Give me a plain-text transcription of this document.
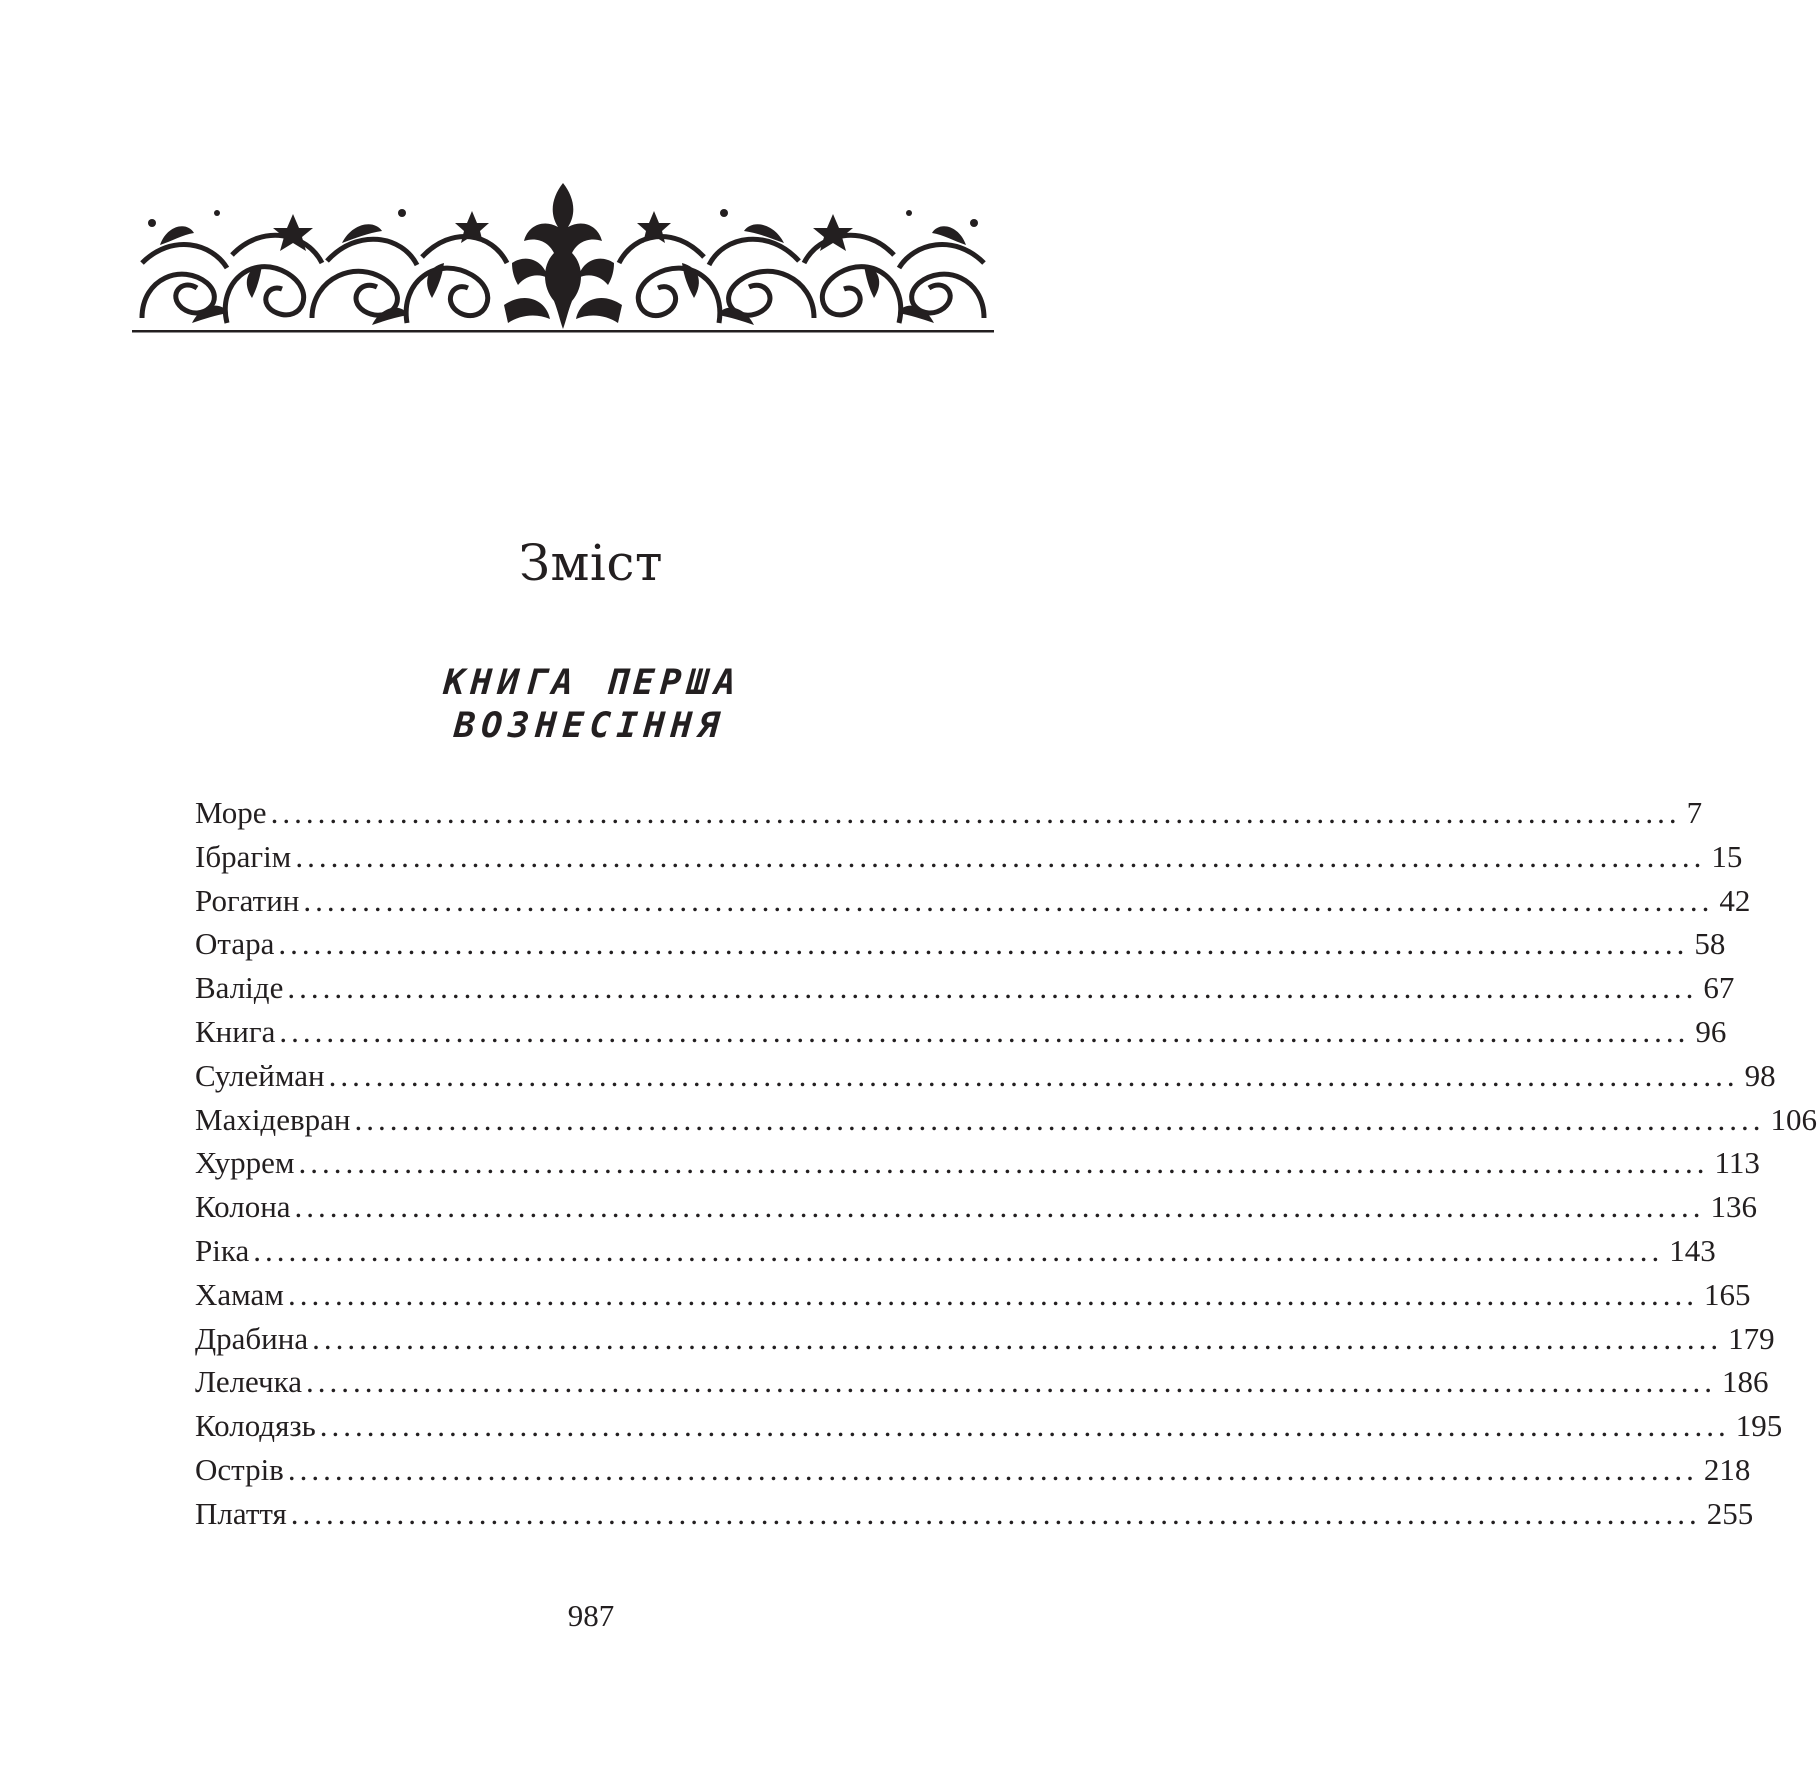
Зміст
КНИГА ПЕРША
ВОЗНЕСІННЯ
Море ........................................................................................................................ 7
Ібрагім ........................................................................................................................ 15
Рогатин ........................................................................................................................ 42
Отара ........................................................................................................................ 58
Валіде ........................................................................................................................ 67
Книга ........................................................................................................................ 96
Сулейман ........................................................................................................................ 98
Махідевран ........................................................................................................................ 106
Хуррем ........................................................................................................................ 113
Колона ........................................................................................................................ 136
Ріка ........................................................................................................................ 143
Хамам ........................................................................................................................ 165
Драбина ........................................................................................................................ 179
Лелечка ........................................................................................................................ 186
Колодязь ........................................................................................................................ 195
Острів ........................................................................................................................ 218
Плаття ........................................................................................................................ 255
987
